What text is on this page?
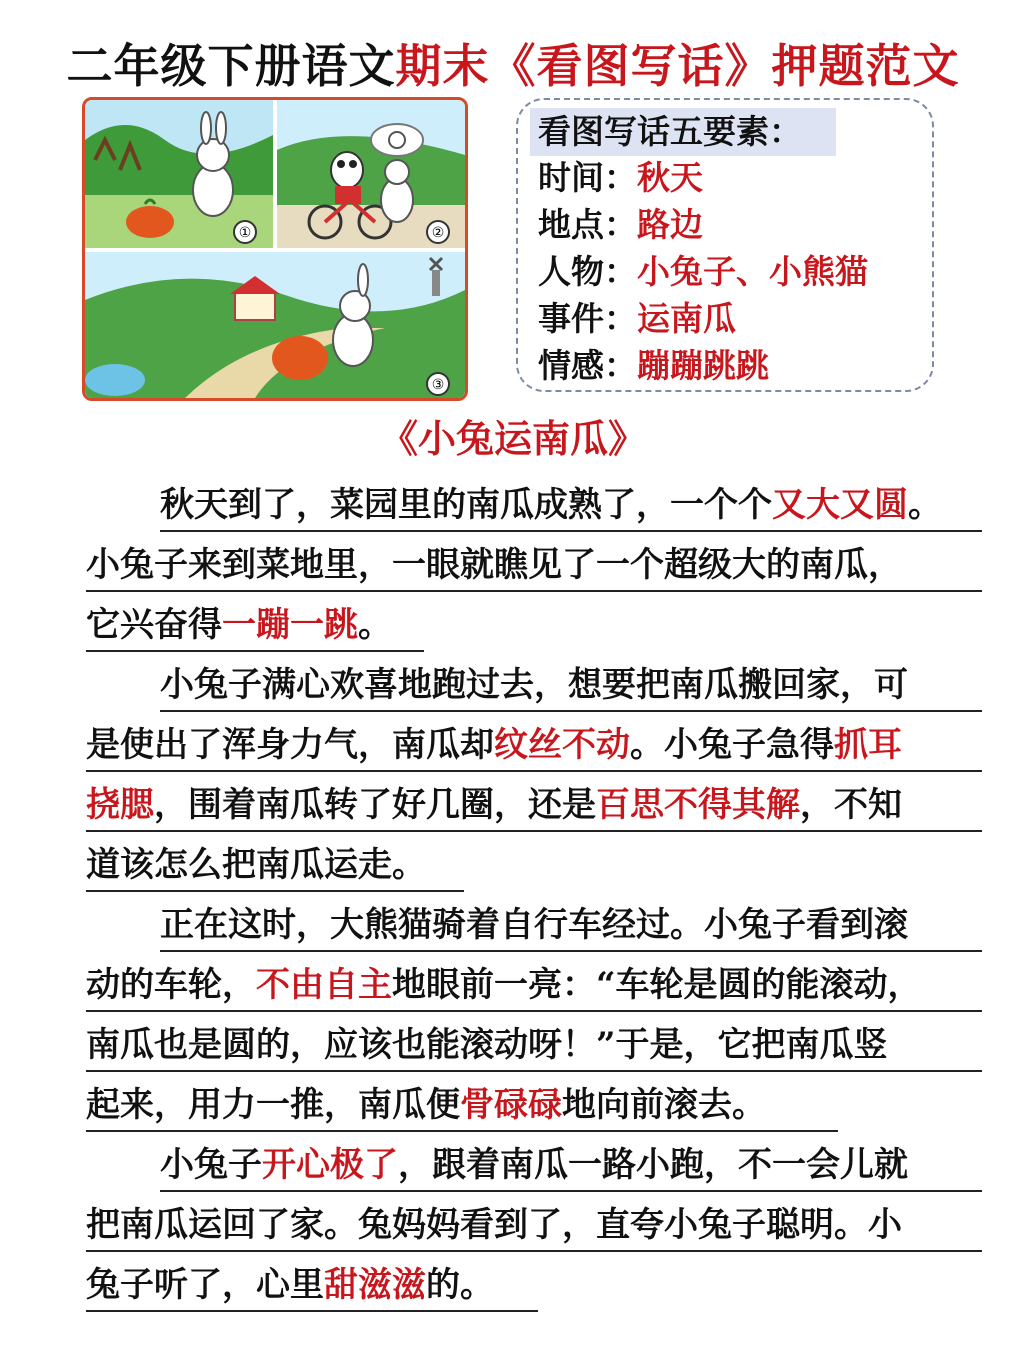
二年级下册语文期末《看图写话》押题范文
①	②
③
看图写话五要素：
时间：秋天
地点：路边
人物：小兔子、小熊猫
事件：运南瓜
情感：蹦蹦跳跳
《小兔运南瓜》
秋天到了，菜园里的南瓜成熟了，一个个又大又圆。
小兔子来到菜地里，一眼就瞧见了一个超级大的南瓜，
它兴奋得一蹦一跳。
小兔子满心欢喜地跑过去，想要把南瓜搬回家，可
是使出了浑身力气，南瓜却纹丝不动。小兔子急得抓耳
挠腮，围着南瓜转了好几圈，还是百思不得其解，不知
道该怎么把南瓜运走。
正在这时，大熊猫骑着自行车经过。小兔子看到滚
动的车轮，不由自主地眼前一亮：“车轮是圆的能滚动，
南瓜也是圆的，应该也能滚动呀！”于是，它把南瓜竖
起来，用力一推，南瓜便骨碌碌地向前滚去。
小兔子开心极了，跟着南瓜一路小跑，不一会儿就
把南瓜运回了家。兔妈妈看到了，直夸小兔子聪明。小
兔子听了，心里甜滋滋的。
